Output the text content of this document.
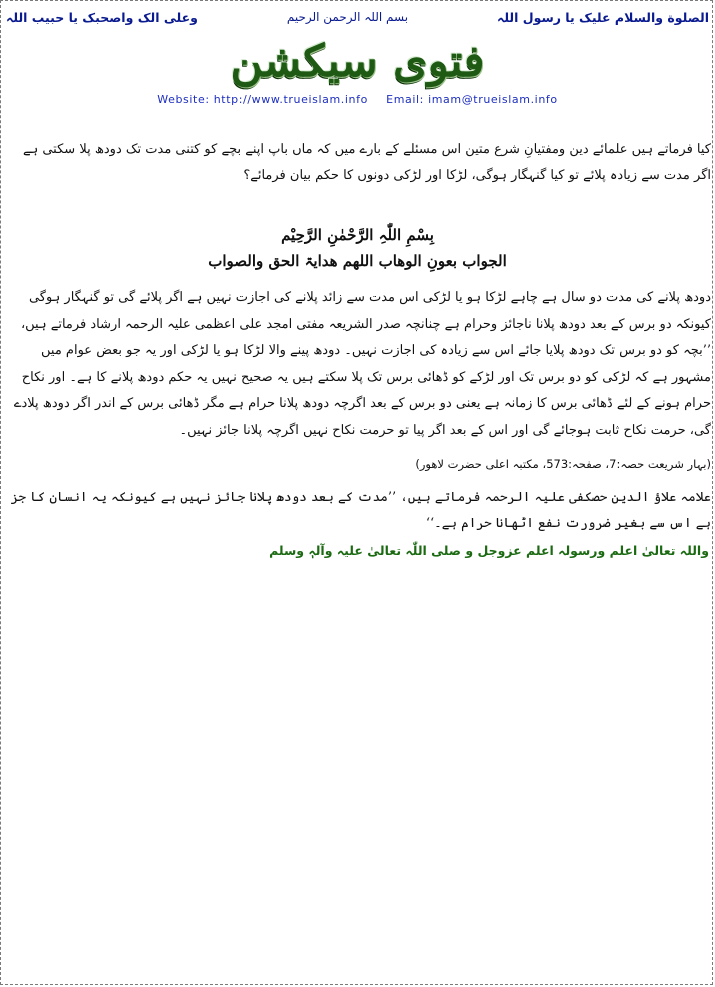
الصلوة والسلام علیک یا رسول اللہ
بسم اللہ الرحمن الرحیم
وعلی الک واصحبک یا حبیب اللہ
فتوی سیکشن
Website: http://www.trueislam.info Email: imam@trueislam.info
کیا فرماتے ہیں علمائے دین ومفتیانِ شرع متین اس مسئلے کے بارے میں کہ ماں باپ اپنے بچے کو کتنی مدت تک دودھ پلا سکتی ہے اگر مدت سے زیادہ پلائے تو کیا گنہگار ہوگی، لڑکا اور لڑکی دونوں کا حکم بیان فرمائے؟
بِسْمِ اللّٰہِ الرَّحْمٰنِ الرَّحِیْم
الجواب بعونِ الوھاب اللھم ھدایۃ الحق والصواب
دودھ پلانے کی مدت دو سال ہے چاہے لڑکا ہو یا لڑکی اس مدت سے زائد پلانے کی اجازت نہیں ہے اگر پلائے گی تو گنہگار ہوگی کیونکہ دو برس کے بعد دودھ پلانا ناجائز وحرام ہے چنانچہ صدر الشریعہ مفتی امجد علی اعظمی علیہ الرحمہ ارشاد فرماتے ہیں، ’’بچہ کو دو برس تک دودھ پلایا جائے اس سے زیادہ کی اجازت نہیں۔ دودھ پینے والا لڑکا ہو یا لڑکی اور یہ جو بعض عوام میں مشہور ہے کہ لڑکی کو دو برس تک اور لڑکے کو ڈھائی برس تک پلا سکتے ہیں یہ صحیح نہیں یہ حکم دودھ پلانے کا ہے۔ اور نکاح حرام ہونے کے لئے ڈھائی برس کا زمانہ ہے یعنی دو برس کے بعد اگرچہ دودھ پلانا حرام ہے مگر ڈھائی برس کے اندر اگر دودھ پلادے گی، حرمت نکاح ثابت ہوجائے گی اور اس کے بعد اگر پیا تو حرمت نکاح نہیں اگرچہ پلانا جائز نہیں۔
(بہار شریعت حصہ:7، صفحہ:573، مکتبہ اعلی حضرت لاھور)
علامہ علاؤ الدین حصکفی علیہ الرحمہ فرماتے ہیں، ’’مدت کے بعد دودھ پلانا جائز نہیں ہے کیونکہ یہ انسان کا جز ہے اس سے بغیر ضرورت نفع اٹھانا حرام ہے۔‘‘
واللہ تعالیٰ اعلم ورسولہ اعلم عزوجل و صلی اللّٰہ تعالیٰ علیہ وآلہٖ وسلم
